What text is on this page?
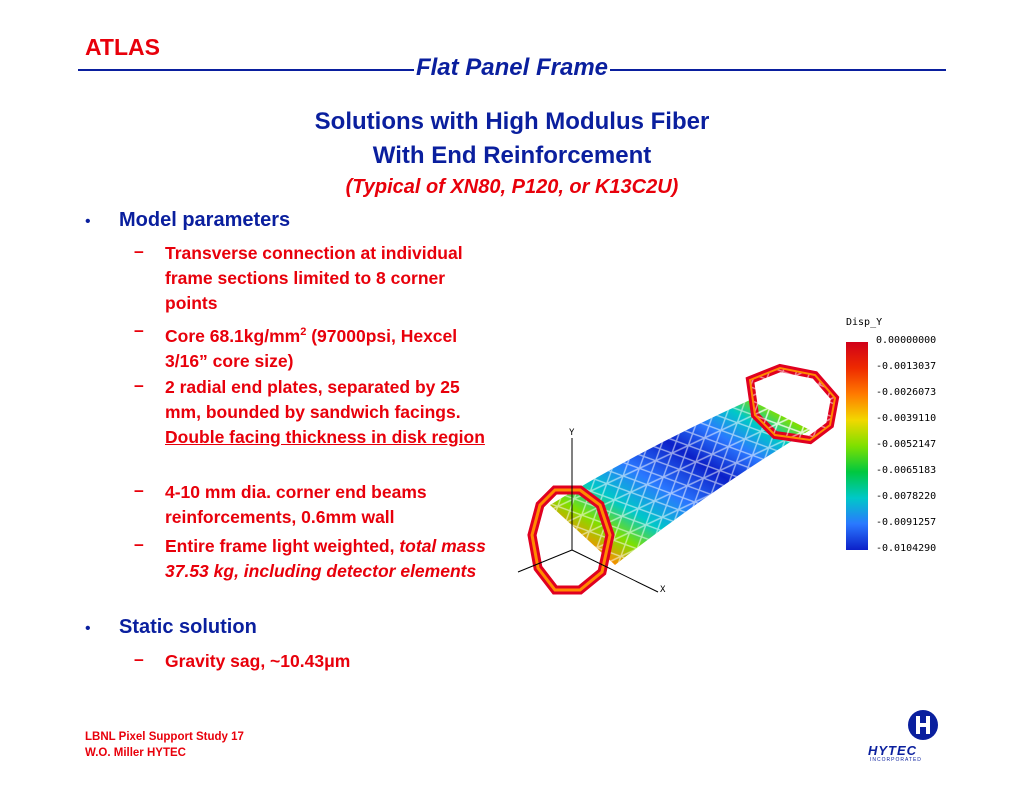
ATLAS
Flat Panel Frame
Solutions with High Modulus Fiber
With End Reinforcement
(Typical of XN80, P120, or K13C2U)
• Model parameters
– Transverse connection at individual frame sections limited to 8 corner points
– Core $68.1kg/mm^2$ (97000psi, Hexcel 3/16” core size)
– 2 radial end plates, separated by 25 mm, bounded by sandwich facings.  Double facing thickness in disk region
– 4-10 mm dia. corner end beams reinforcements, 0.6mm wall
– Entire frame light weighted, total mass 37.53 kg, including detector elements
• Static solution
– Gravity sag, ~10.43μm
Y
X
Disp_Y
0.00000000
-0.0013037
-0.0026073
-0.0039110
-0.0052147
-0.0065183
-0.0078220
-0.0091257
-0.0104290
LBNL Pixel Support Study 17
W.O. Miller HYTEC	HYTEC
INCORPORATED
